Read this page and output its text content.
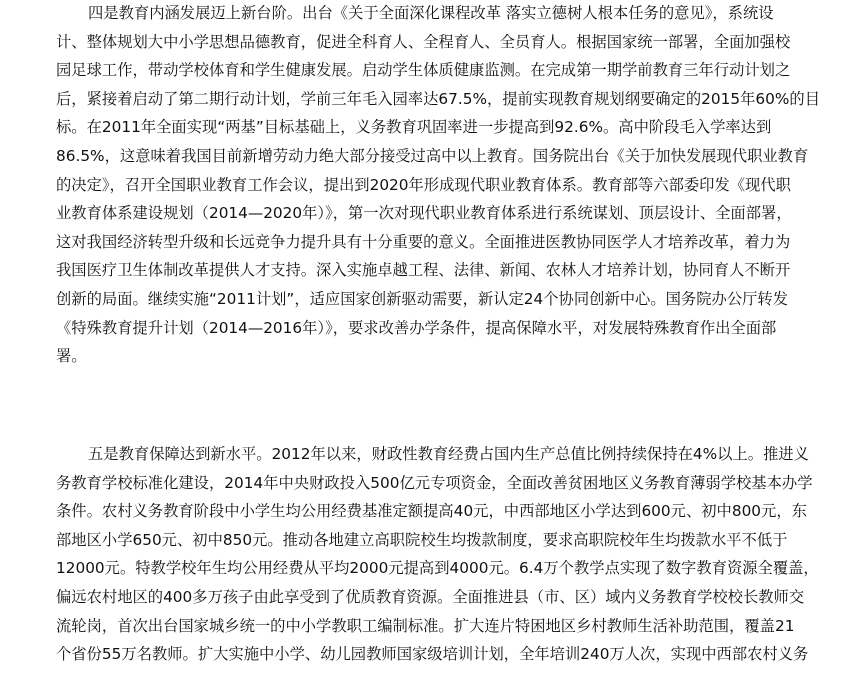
四是教育内涵发展迈上新台阶。出台《关于全面深化课程改革 落实立德树人根本任务的意见》，系统设
计、整体规划大中小学思想品德教育，促进全科育人、全程育人、全员育人。根据国家统一部署，全面加强校
园足球工作，带动学校体育和学生健康发展。启动学生体质健康监测。在完成第一期学前教育三年行动计划之
后，紧接着启动了第二期行动计划，学前三年毛入园率达67.5%，提前实现教育规划纲要确定的2015年60%的目
标。在2011年全面实现“两基”目标基础上，义务教育巩固率进一步提高到92.6%。高中阶段毛入学率达到
86.5%，这意味着我国目前新增劳动力绝大部分接受过高中以上教育。国务院出台《关于加快发展现代职业教育
的决定》，召开全国职业教育工作会议，提出到2020年形成现代职业教育体系。教育部等六部委印发《现代职
业教育体系建设规划（2014—2020年）》，第一次对现代职业教育体系进行系统谋划、顶层设计、全面部署，
这对我国经济转型升级和长远竞争力提升具有十分重要的意义。全面推进医教协同医学人才培养改革，着力为
我国医疗卫生体制改革提供人才支持。深入实施卓越工程、法律、新闻、农林人才培养计划，协同育人不断开
创新的局面。继续实施“2011计划”，适应国家创新驱动需要，新认定24个协同创新中心。国务院办公厅转发
《特殊教育提升计划（2014—2016年）》，要求改善办学条件，提高保障水平，对发展特殊教育作出全面部
署。

五是教育保障达到新水平。2012年以来，财政性教育经费占国内生产总值比例持续保持在4%以上。推进义
务教育学校标准化建设，2014年中央财政投入500亿元专项资金，全面改善贫困地区义务教育薄弱学校基本办学
条件。农村义务教育阶段中小学生均公用经费基准定额提高40元，中西部地区小学达到600元、初中800元，东
部地区小学650元、初中850元。推动各地建立高职院校生均拨款制度，要求高职院校年生均拨款水平不低于
12000元。特教学校年生均公用经费从平均2000元提高到4000元。6.4万个教学点实现了数字教育资源全覆盖，
偏远农村地区的400多万孩子由此享受到了优质教育资源。全面推进县（市、区）域内义务教育学校校长教师交
流轮岗，首次出台国家城乡统一的中小学教职工编制标准。扩大连片特困地区乡村教师生活补助范围，覆盖21
个省份55万名教师。扩大实施中小学、幼儿园教师国家级培训计划，全年培训240万人次，实现中西部农村义务
